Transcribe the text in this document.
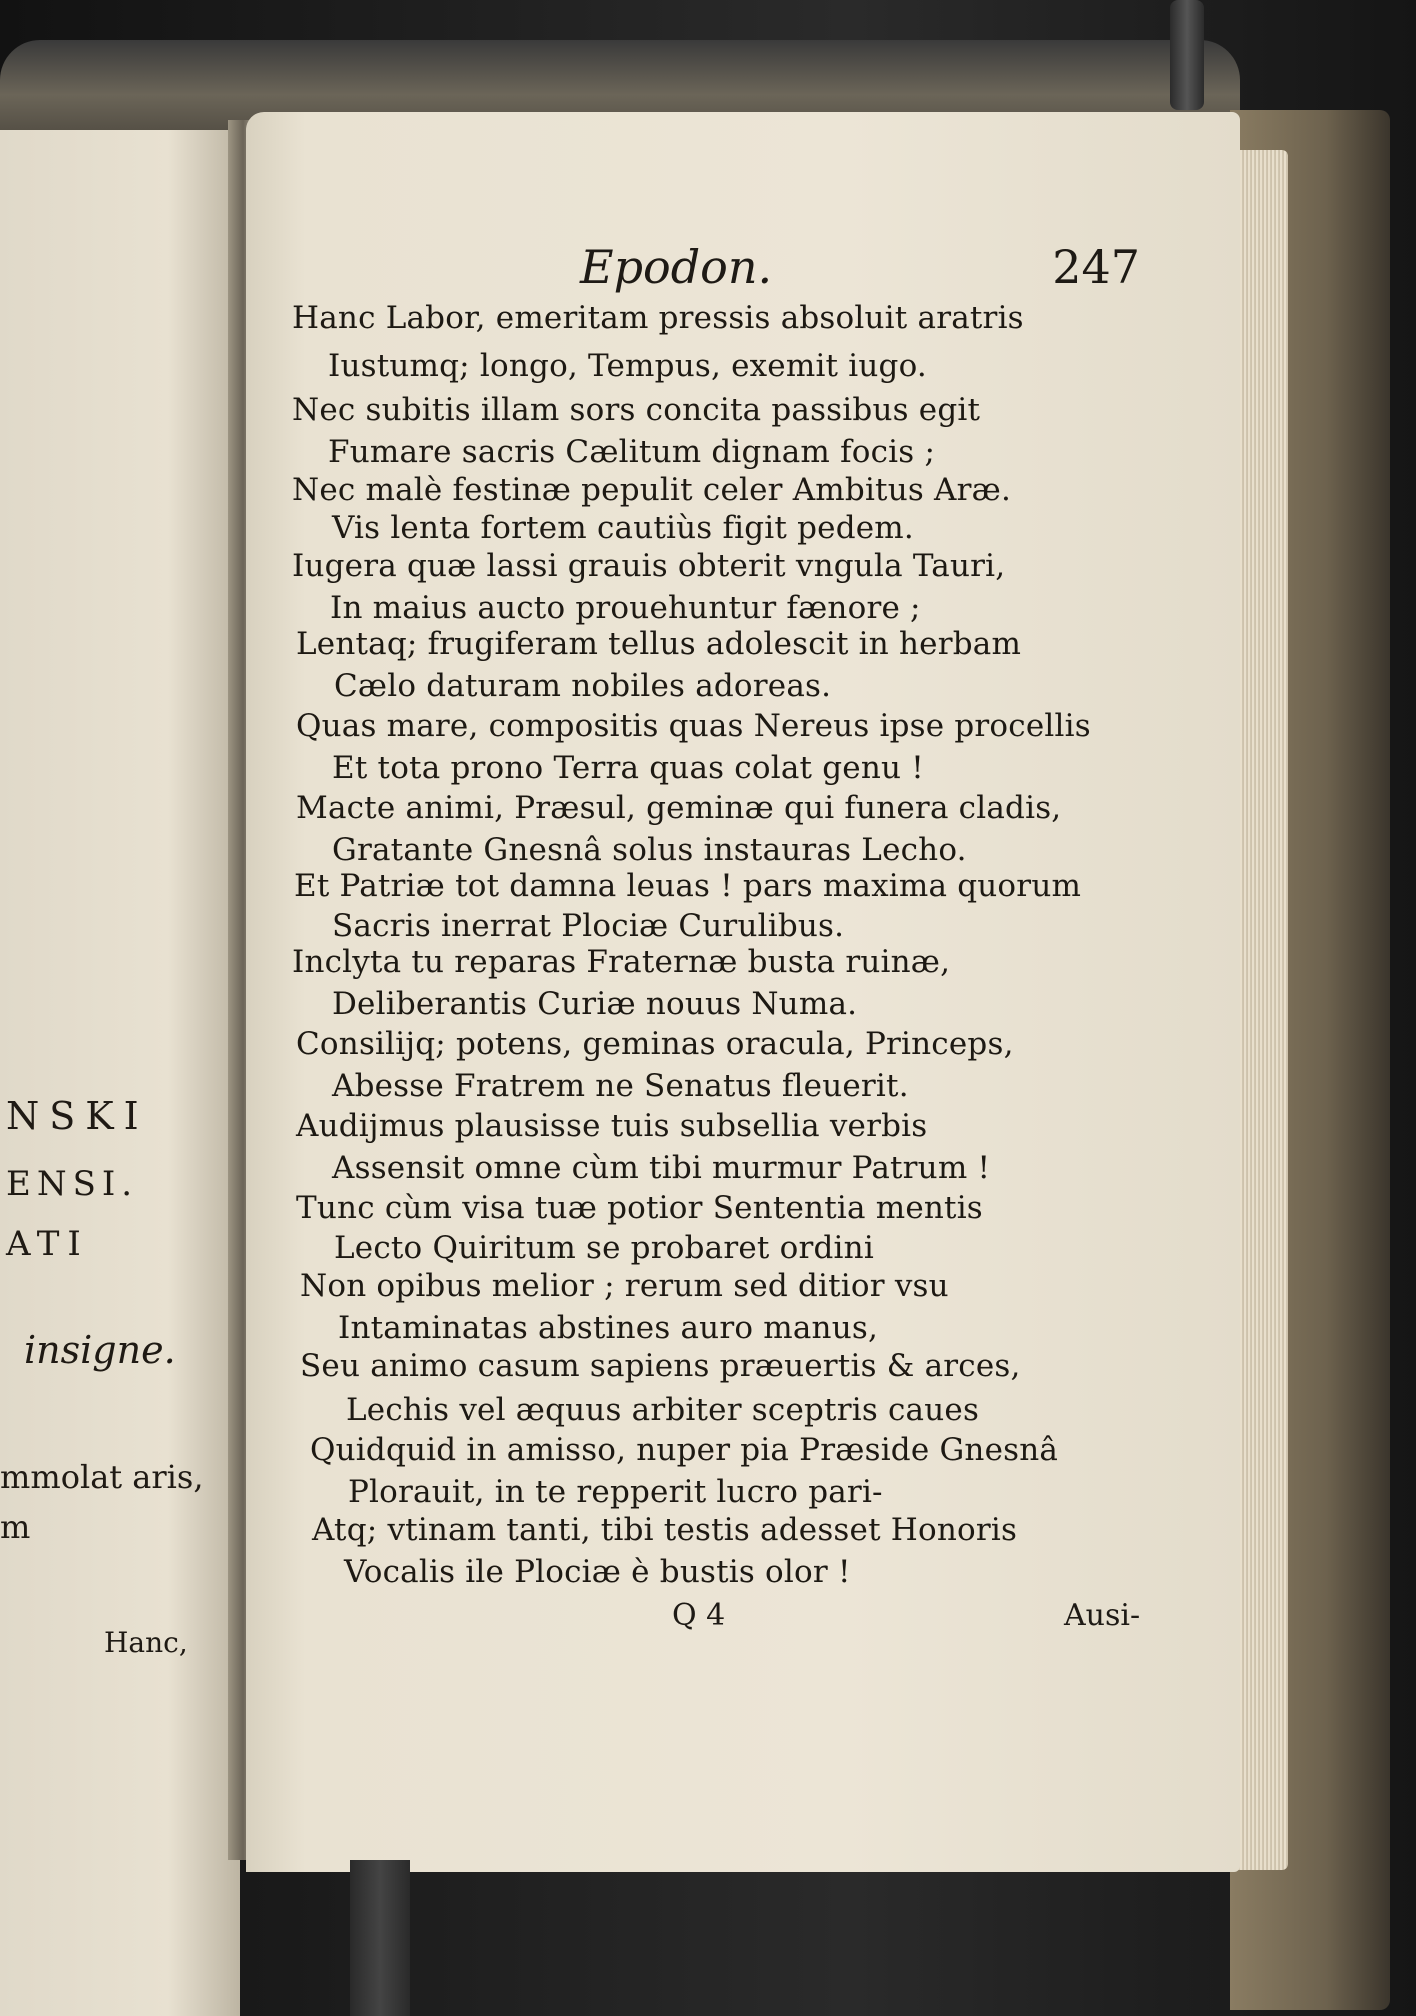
NSKI
ENSI.
ATI
insigne.
mmolat aris,
m
Hanc,
Epodon.	247
Hanc Labor, emeritam pressis absoluit aratris
Iustumq; longo, Tempus, exemit iugo.
Nec subitis illam sors concita passibus egit
Fumare sacris Cælitum dignam focis ;
Nec malè festinæ pepulit celer Ambitus Aræ.
Vis lenta fortem cautiùs figit pedem.
Iugera quæ lassi grauis obterit vngula Tauri,
In maius aucto prouehuntur fænore ;
Lentaq; frugiferam tellus adolescit in herbam
Cælo daturam nobiles adoreas.
Quas mare, compositis quas Nereus ipse procellis
Et tota prono Terra quas colat genu !
Macte animi, Præsul, geminæ qui funera cladis,
Gratante Gnesnâ solus instauras Lecho.
Et Patriæ tot damna leuas ! pars maxima quorum
Sacris inerrat Plociæ Curulibus.
Inclyta tu reparas Fraternæ busta ruinæ,
Deliberantis Curiæ nouus Numa.
Consilijq; potens, geminas oracula, Princeps,
Abesse Fratrem ne Senatus fleuerit.
Audijmus plausisse tuis subsellia verbis
Assensit omne cùm tibi murmur Patrum !
Tunc cùm visa tuæ potior Sententia mentis
Lecto Quiritum se probaret ordini
Non opibus melior ; rerum sed ditior vsu
Intaminatas abstines auro manus,
Seu animo casum sapiens præuertis & arces,
Lechis vel æquus arbiter sceptris caues
Quidquid in amisso, nuper pia Præside Gnesnâ
Plorauit, in te repperit lucro pari-
Atq; vtinam tanti, tibi testis adesset Honoris
Vocalis ile Plociæ è bustis olor !
Q 4	Ausi-
